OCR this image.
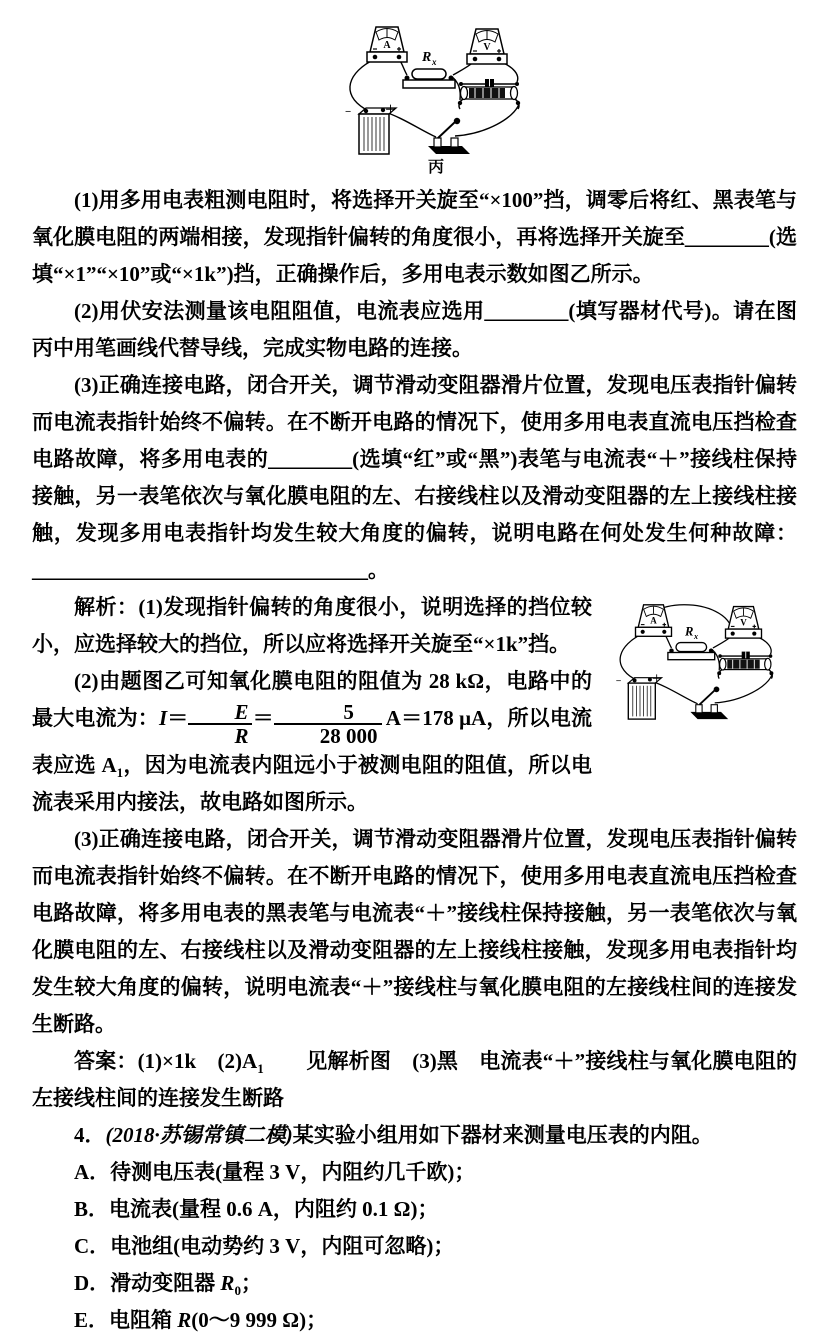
A	V
R x
−	＋
丙

(1)用多用电表粗测电阻时，将选择开关旋至“×100”挡，调零后将红、黑表笔与氧化膜电阻的两端相接，发现指针偏转的角度很小，再将选择开关旋至________(选填“×1”“×10”或“×1k”)挡，正确操作后，多用电表示数如图乙所示。

(2)用伏安法测量该电阻阻值，电流表应选用________(填写器材代号)。请在图丙中用笔画线代替导线，完成实物电路的连接。

(3)正确连接电路，闭合开关，调节滑动变阻器滑片位置，发现电压表指针偏转而电流表指针始终不偏转。在不断开电路的情况下，使用多用电表直流电压挡检查电路故障，将多用电表的________(选填“红”或“黑”)表笔与电流表“＋”接线柱保持接触，另一表笔依次与氧化膜电阻的左、右接线柱以及滑动变阻器的左上接线柱接触，发现多用电表指针均发生较大角度的偏转，说明电路在何处发生何种故障：________________________________。

A	V
R x
−	＋

解析：(1)发现指针偏转的角度很小，说明选择的挡位较小，应选择较大的挡位，所以应将选择开关旋至“×1k”挡。

(2)由题图乙可知氧化膜电阻的阻值为 28 kΩ，电路中的最大电流为：$I= \frac{E}{R} = \frac{5}{28 000} A=178$ μA，所以电流表应选 $A_1$，因为电流表内阻远小于被测电阻的阻值，所以电流表采用内接法，故电路如图所示。

(3)正确连接电路，闭合开关，调节滑动变阻器滑片位置，发现电压表指针偏转而电流表指针始终不偏转。在不断开电路的情况下，使用多用电表直流电压挡检查电路故障，将多用电表的黑表笔与电流表“＋”接线柱保持接触，另一表笔依次与氧化膜电阻的左、右接线柱以及滑动变阻器的左上接线柱接触，发现多用电表指针均发生较大角度的偏转，说明电流表“＋”接线柱与氧化膜电阻的左接线柱间的连接发生断路。

答案：(1)×1k　$(2)A_1$　　见解析图　(3)黑　电流表“＋”接线柱与氧化膜电阻的左接线柱间的连接发生断路

4．(2018·苏锡常镇二模)某实验小组用如下器材来测量电压表的内阻。

A．待测电压表(量程 3 V，内阻约几千欧)；

B．电流表(量程 0.6 A，内阻约 0.1 Ω)；

C．电池组(电动势约 3 V，内阻可忽略)；

D．滑动变阻器 $R_0$；

E．电阻箱 R(0～9 999 Ω)；
